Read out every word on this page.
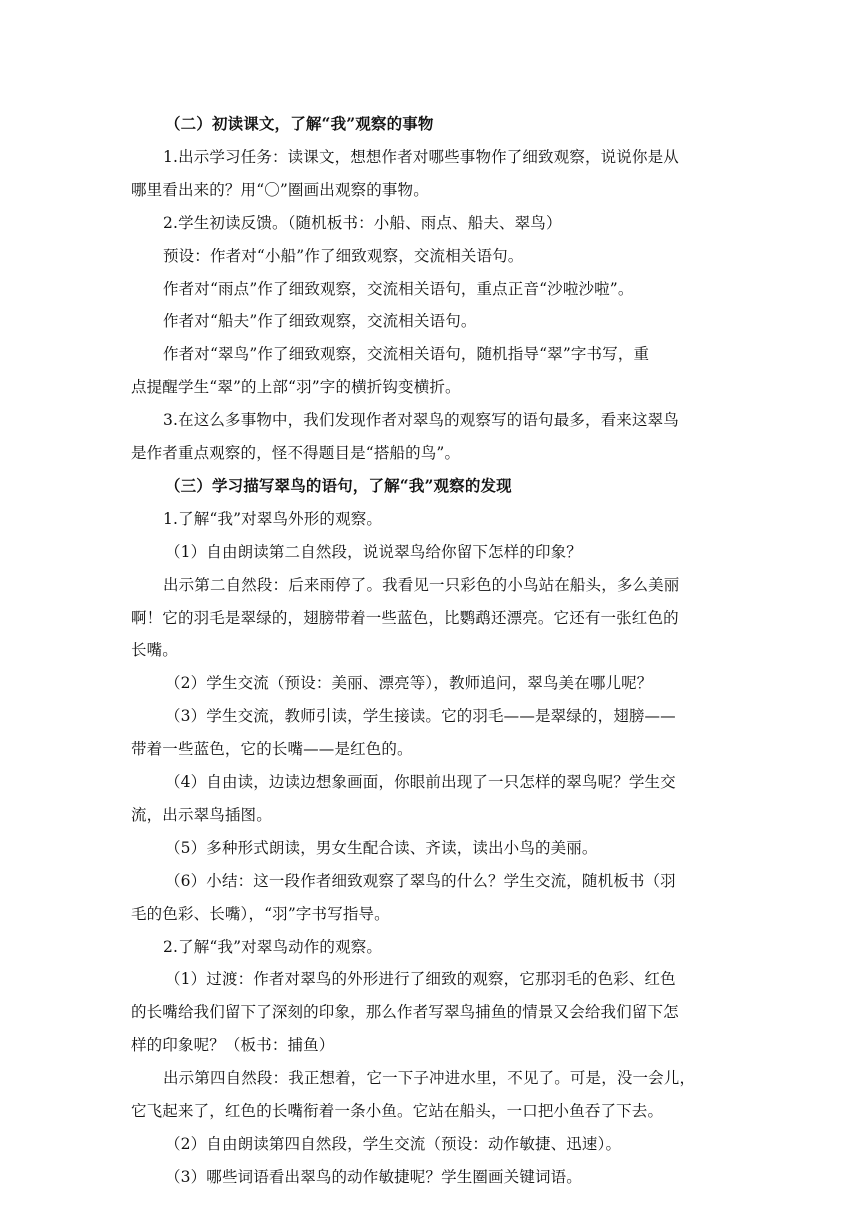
（二）初读课文，了解“我”观察的事物
1.出示学习任务：读课文，想想作者对哪些事物作了细致观察，说说你是从
哪里看出来的？用“〇”圈画出观察的事物。
2.学生初读反馈。（随机板书：小船、雨点、船夫、翠鸟）
预设：作者对“小船”作了细致观察，交流相关语句。
作者对“雨点”作了细致观察，交流相关语句，重点正音“沙啦沙啦”。
作者对“船夫”作了细致观察，交流相关语句。
作者对“翠鸟”作了细致观察，交流相关语句，随机指导“翠”字书写，重
点提醒学生“翠”的上部“羽”字的横折钩变横折。
3.在这么多事物中，我们发现作者对翠鸟的观察写的语句最多，看来这翠鸟
是作者重点观察的，怪不得题目是“搭船的鸟”。
（三）学习描写翠鸟的语句，了解“我”观察的发现
1.了解“我”对翠鸟外形的观察。
（1）自由朗读第二自然段，说说翠鸟给你留下怎样的印象？
出示第二自然段：后来雨停了。我看见一只彩色的小鸟站在船头，多么美丽
啊！它的羽毛是翠绿的，翅膀带着一些蓝色，比鹦鹉还漂亮。它还有一张红色的
长嘴。
（2）学生交流（预设：美丽、漂亮等），教师追问，翠鸟美在哪儿呢？
（3）学生交流，教师引读，学生接读。它的羽毛——是翠绿的，翅膀——
带着一些蓝色，它的长嘴——是红色的。
（4）自由读，边读边想象画面，你眼前出现了一只怎样的翠鸟呢？学生交
流，出示翠鸟插图。
（5）多种形式朗读，男女生配合读、齐读，读出小鸟的美丽。
（6）小结：这一段作者细致观察了翠鸟的什么？学生交流，随机板书（羽
毛的色彩、长嘴），“羽”字书写指导。
2.了解“我”对翠鸟动作的观察。
（1）过渡：作者对翠鸟的外形进行了细致的观察，它那羽毛的色彩、红色
的长嘴给我们留下了深刻的印象，那么作者写翠鸟捕鱼的情景又会给我们留下怎
样的印象呢？（板书：捕鱼）
出示第四自然段：我正想着，它一下子冲进水里，不见了。可是，没一会儿，
它飞起来了，红色的长嘴衔着一条小鱼。它站在船头，一口把小鱼吞了下去。
（2）自由朗读第四自然段，学生交流（预设：动作敏捷、迅速）。
（3）哪些词语看出翠鸟的动作敏捷呢？学生圈画关键词语。
